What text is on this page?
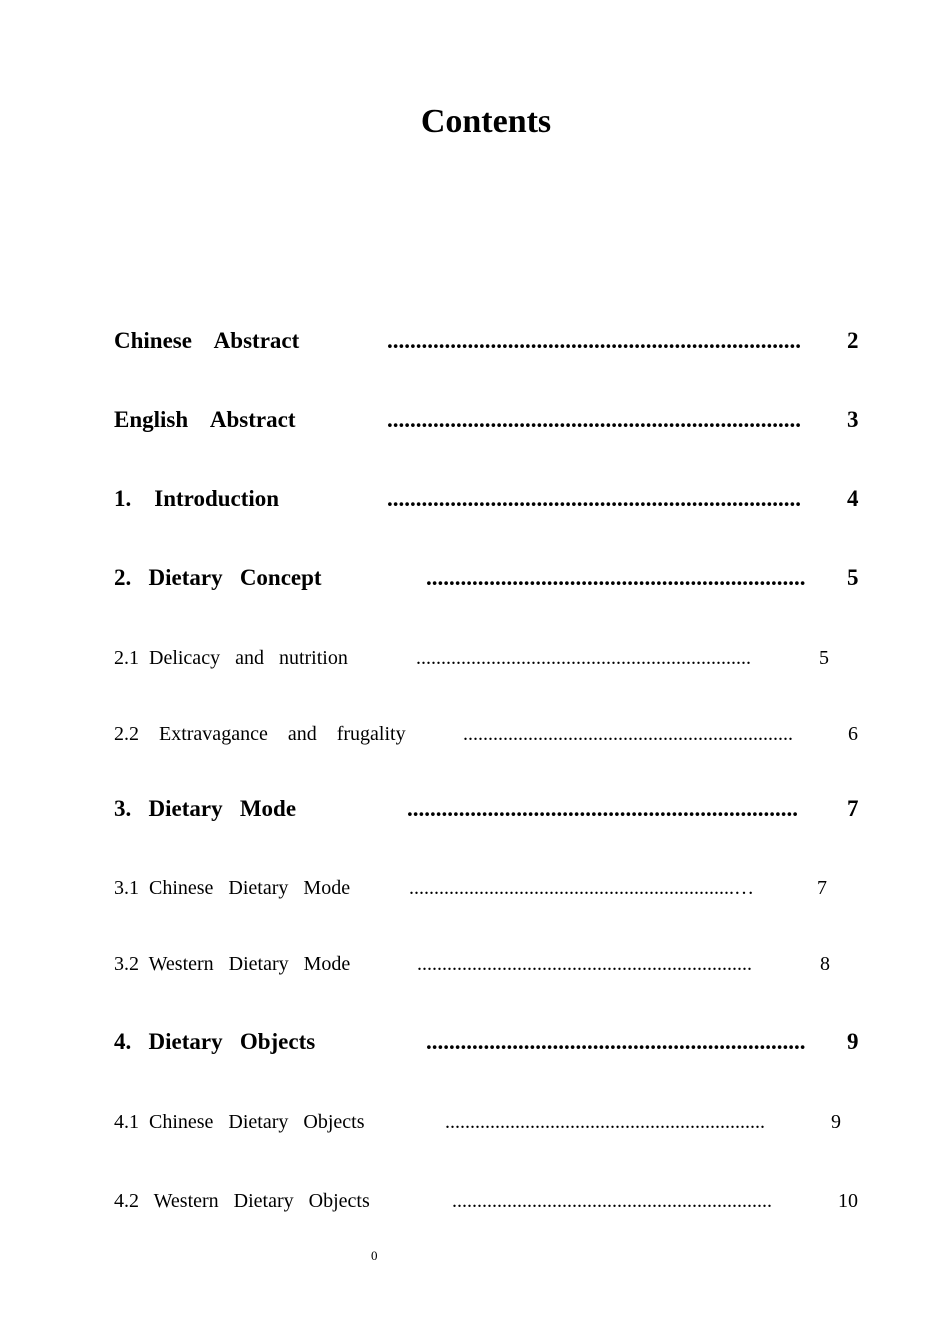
Contents
Chinese    Abstract	........................................................................	2
English    Abstract	........................................................................	3
1.    Introduction	........................................................................	4
2.   Dietary   Concept	..................................................................	5
2.1  Delicacy   and   nutrition	...................................................................	5
2.2    Extravagance    and    frugality	..................................................................	6
3.   Dietary   Mode	....................................................................	7
3.1  Chinese   Dietary   Mode	.................................................................…	7
3.2  Western   Dietary   Mode	...................................................................	8
4.   Dietary   Objects	..................................................................	9
4.1  Chinese   Dietary   Objects	................................................................	9
4.2   Western   Dietary   Objects	................................................................	10
0
